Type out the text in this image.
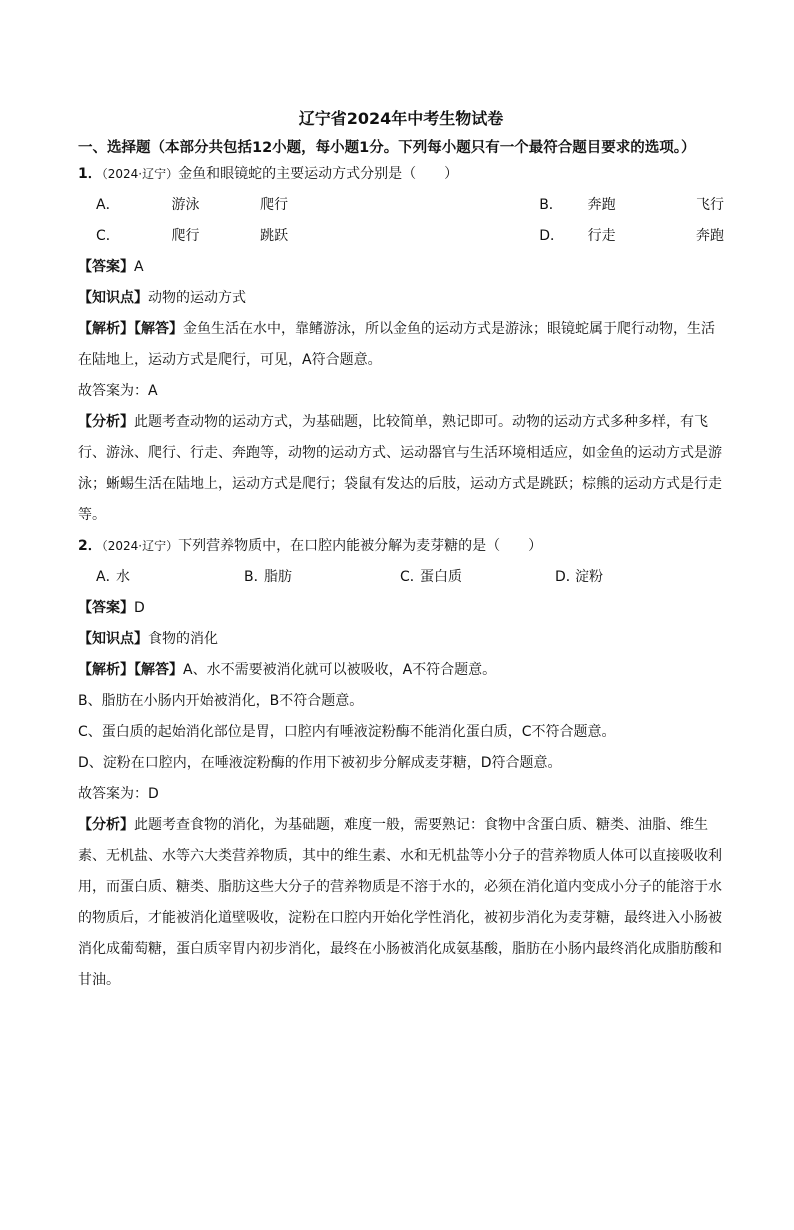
辽宁省2024年中考生物试卷
一、选择题（本部分共包括12小题，每小题1分。下列每小题只有一个最符合题目要求的选项。）
1．（2024·辽宁）金鱼和眼镜蛇的主要运动方式分别是（　　）
A．	游泳	爬行	B．	奔跑	飞行
C．	爬行	跳跃	D．	行走	奔跑
【答案】A
【知识点】动物的运动方式
【解析】【解答】金鱼生活在水中，靠鳍游泳，所以金鱼的运动方式是游泳；眼镜蛇属于爬行动物，生活在陆地上，运动方式是爬行，可见，A符合题意。
故答案为：A
【分析】此题考查动物的运动方式，为基础题，比较简单，熟记即可。动物的运动方式多种多样，有飞行、游泳、爬行、行走、奔跑等，动物的运动方式、运动器官与生活环境相适应，如金鱼的运动方式是游泳；蜥蜴生活在陆地上，运动方式是爬行；袋鼠有发达的后肢，运动方式是跳跃；棕熊的运动方式是行走等。
2．（2024·辽宁）下列营养物质中，在口腔内能被分解为麦芽糖的是（　　）
A．
水	B．
脂肪	C．
蛋白质	D．
淀粉
【答案】D
【知识点】食物的消化
【解析】【解答】A、水不需要被消化就可以被吸收，A不符合题意。
B、脂肪在小肠内开始被消化，B不符合题意。
C、蛋白质的起始消化部位是胃，口腔内有唾液淀粉酶不能消化蛋白质，C不符合题意。
D、淀粉在口腔内，在唾液淀粉酶的作用下被初步分解成麦芽糖，D符合题意。
故答案为：D
【分析】此题考查食物的消化，为基础题，难度一般，需要熟记：食物中含蛋白质、糖类、油脂、维生素、无机盐、水等六大类营养物质，其中的维生素、水和无机盐等小分子的营养物质人体可以直接吸收利用，而蛋白质、糖类、脂肪这些大分子的营养物质是不溶于水的，必须在消化道内变成小分子的能溶于水的物质后，才能被消化道壁吸收，淀粉在口腔内开始化学性消化，被初步消化为麦芽糖，最终进入小肠被消化成葡萄糖，蛋白质宰胃内初步消化，最终在小肠被消化成氨基酸，脂肪在小肠内最终消化成脂肪酸和甘油。
